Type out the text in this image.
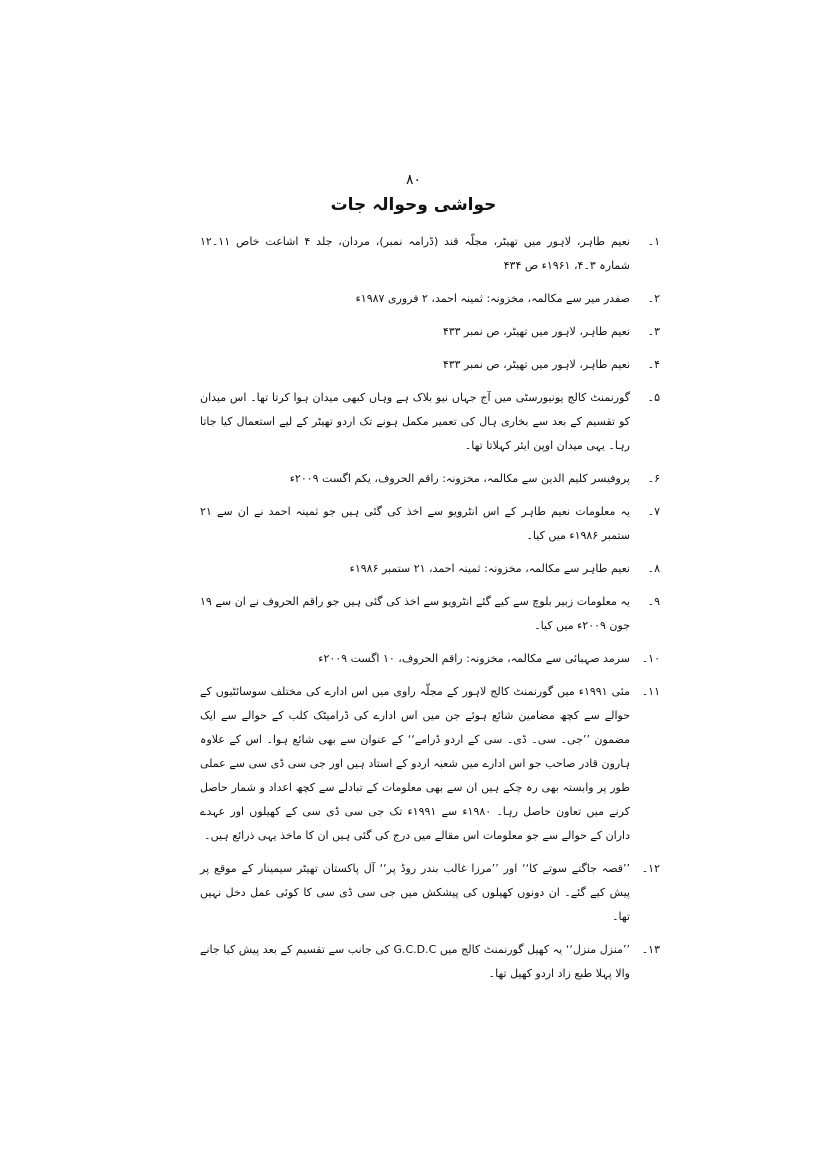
۸۰
حواشی وحوالہ جات
۱۔
نعیم طاہر، لاہور میں تھیٹر، مجلّہ قند (ڈرامہ نمبر)، مردان، جلد ۴ اشاعت خاص ۱۱۔۱۲ شمارہ ۳۔۴، ۱۹۶۱ء ص ۴۳۴
۲۔
صفدر میر سے مکالمہ، مخزونہ: ثمینہ احمد، ۲ فروری ۱۹۸۷ء
۳۔
نعیم طاہر، لاہور میں تھیٹر، ص نمبر ۴۳۳
۴۔
نعیم طاہر، لاہور میں تھیٹر، ص نمبر ۴۳۳
۵۔
گورنمنٹ کالج یونیورسٹی میں آج جہاں نیو بلاک ہے وہاں کبھی میدان ہوا کرتا تھا۔ اس میدان کو تقسیم کے بعد سے بخاری ہال کی تعمیر مکمل ہونے تک اردو تھیٹر کے لیے استعمال کیا جاتا رہا۔ یہی میدان اوپن ایئر کہلاتا تھا۔
۶۔
پروفیسر کلیم الدین سے مکالمہ، مخزونہ: راقم الحروف، یکم اگست ۲۰۰۹ء
۷۔
یہ معلومات نعیم طاہر کے اس انٹرویو سے اخذ کی گئی ہیں جو ثمینہ احمد نے ان سے ۲۱ ستمبر ۱۹۸۶ء میں کیا۔
۸۔
نعیم طاہر سے مکالمہ، مخزونہ: ثمینہ احمد، ۲۱ ستمبر ۱۹۸۶ء
۹۔
یہ معلومات زبیر بلوچ سے کیے گئے انٹرویو سے اخذ کی گئی ہیں جو راقم الحروف نے ان سے ۱۹ جون ۲۰۰۹ء میں کیا۔
۱۰۔
سرمد صہبائی سے مکالمہ، مخزونہ: راقم الحروف، ۱۰ اگست ۲۰۰۹ء
۱۱۔
مئی ۱۹۹۱ء میں گورنمنٹ کالج لاہور کے مجلّہ راوی میں اس ادارے کی مختلف سوسائٹیوں کے حوالے سے کچھ مضامین شائع ہوئے جن میں اس ادارے کی ڈرامیٹک کلب کے حوالے سے ایک مضمون ’’جی۔ سی۔ ڈی۔ سی کے اردو ڈرامے‘‘ کے عنوان سے بھی شائع ہوا۔ اس کے علاوہ ہارون قادر صاحب جو اس ادارے میں شعبہ اردو کے استاد ہیں اور جی سی ڈی سی سے عملی طور پر وابستہ بھی رہ چکے ہیں ان سے بھی معلومات کے تبادلے سے کچھ اعداد و شمار حاصل کرنے میں تعاون حاصل رہا۔ ۱۹۸۰ء سے ۱۹۹۱ء تک جی سی ڈی سی کے کھیلوں اور عہدے داران کے حوالے سے جو معلومات اس مقالے میں درج کی گئی ہیں ان کا ماخذ یہی ذرائع ہیں۔
۱۲۔
’’قصہ جاگتے سوتے کا‘‘ اور ’’مرزا غالب بندر روڈ پر‘‘ آل پاکستان تھیٹر سیمینار کے موقع پر پیش کیے گئے۔ ان دونوں کھیلوں کی پیشکش میں جی سی ڈی سی کا کوئی عمل دخل نہیں تھا۔
۱۳۔
’’منزل منزل‘‘ یہ کھیل گورنمنٹ کالج میں G.C.D.C کی جانب سے تقسیم کے بعد پیش کیا جانے والا پہلا طبع زاد اردو کھیل تھا۔
